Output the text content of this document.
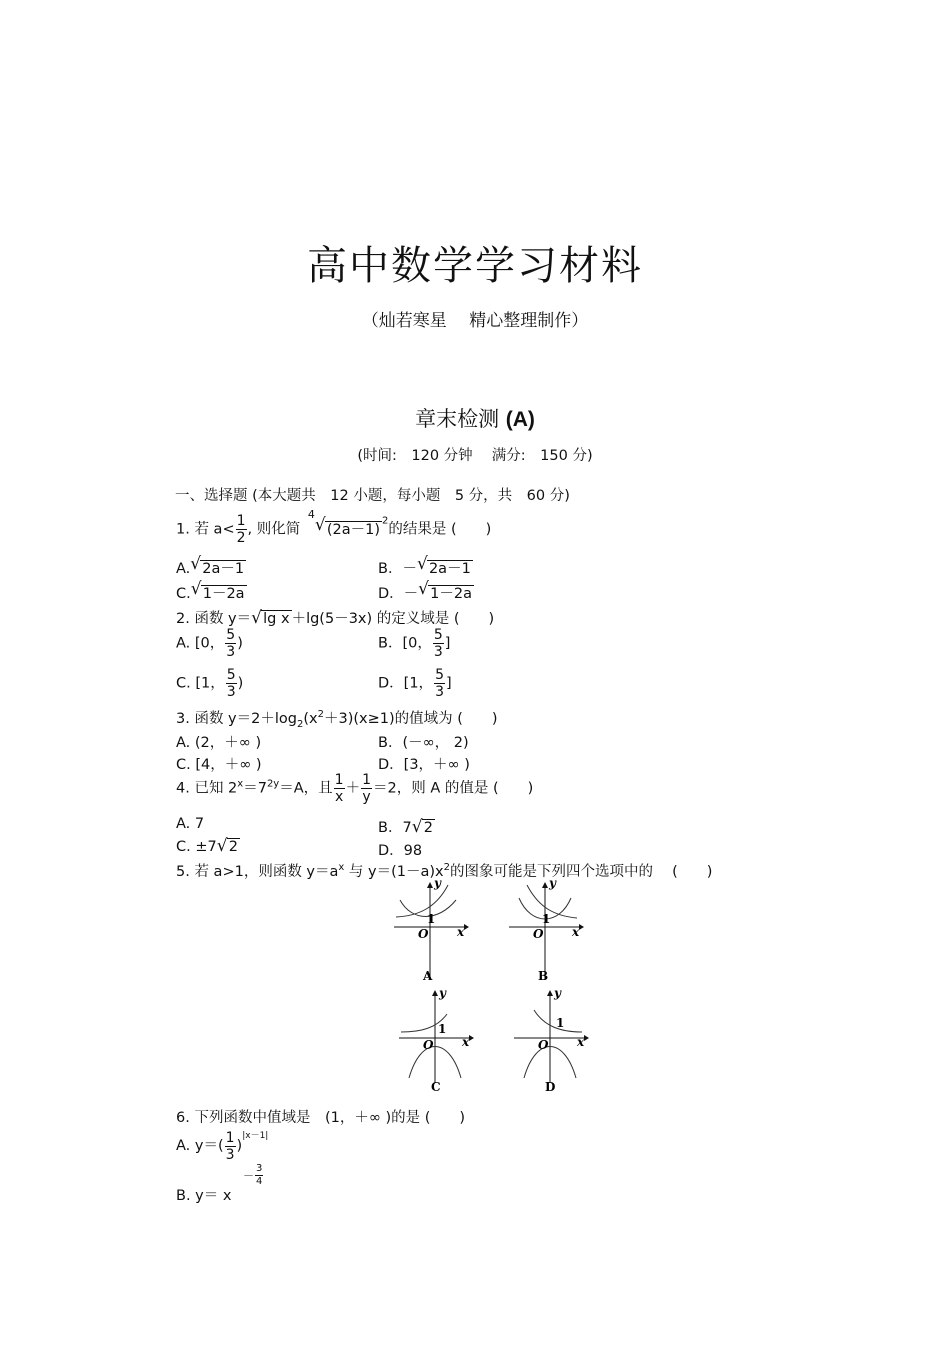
高中数学学习材料
（灿若寒星　 精心整理制作）
章末检测 (A)
(时间:　120 分钟　 满分:　150 分)
一、选择题 (本大题共　12 小题，每小题　5 分，共　60 分)
1. 若 $a< \frac{1}{2}$ , 则化简
4
√ $(2a-1)^2$的结果是 (　　)
A. √ 2a－1	B．－ √ 2a－1
C. √ 1－2a	D．－ √ 1－2a
2. 函数 y＝ √ lg x ＋lg(5－3x) 的定义域是 (　　)
A. [0， $\frac{5}{3}$ )	B．[0， $\frac{5}{3}$ ]
C. [1， $\frac{5}{3}$ )	D．[1， $\frac{5}{3}$ ]
3. 函数 $y=2+\log_2(x^2+3)(x\ge 1)$的值域为 (　　)
A. (2，＋∞ )	B．(－∞， 2)
C. [4，＋∞ )	D．[3，＋∞ )
4. 已知 $2^x=7^{2y}=A$，且 $\frac{1}{x} + \frac{1}{y} =2$，则 A 的值是 (　　)
A. 7	B．7 √ 2
C. ±7 √ 2	D．98
5. 若 a>1，则函数 $y=a^x$ 与 $y=(1-a)x^2$的图象可能是下列四个选项中的　 (　　)
y
x
O
1
A
y
x
O
1
B
y
x
O
1
C
y
x
O
1
D
6. 下列函数中值域是　(1，＋∞ )的是 (　　)
A. $y=( \frac{1}{3} )^{|x-1|}$
B. y＝ x
－ $\frac{3}{4}$
